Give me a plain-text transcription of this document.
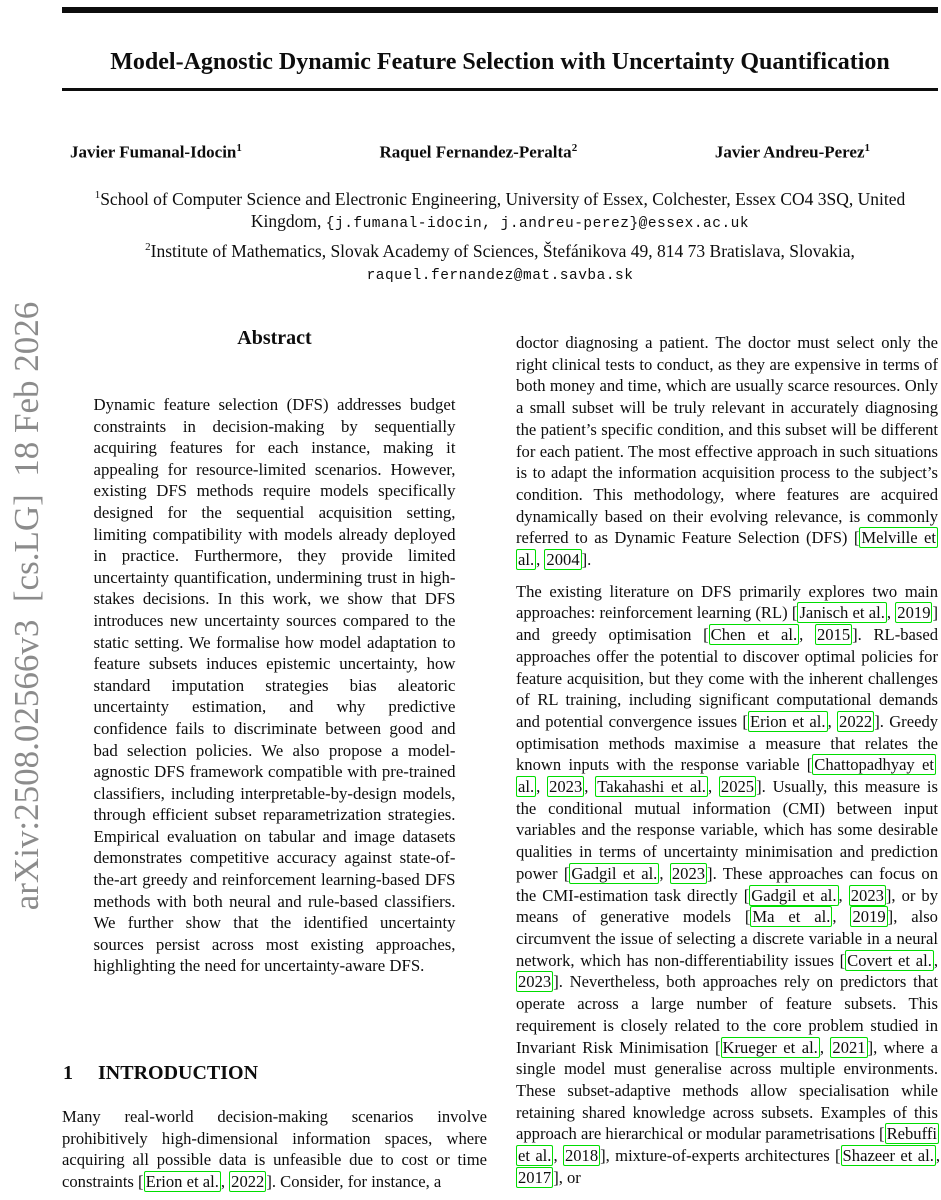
Model-Agnostic Dynamic Feature Selection with Uncertainty Quantification
Javier Fumanal-Idocin$^1$	Raquel Fernandez-Peralta$^2$	Javier Andreu-Perez$^1$
$^1$School of Computer Science and Electronic Engineering, University of Essex, Colchester, Essex CO4 3SQ, United
Kingdom, {j.fumanal-idocin, j.andreu-perez}@essex.ac.uk
$^2$Institute of Mathematics, Slovak Academy of Sciences, Štefánikova 49, 814 73 Bratislava, Slovakia,
raquel.fernandez@mat.savba.sk
arXiv:2508.02566v3  [cs.LG]  18 Feb 2026	Abstract
Dynamic feature selection (DFS) addresses budget constraints in decision-making by sequentially acquiring features for each instance, making it appealing for resource-limited scenarios. However, existing DFS methods require models specifically designed for the sequential acquisition setting, limiting compatibility with models already deployed in practice. Furthermore, they provide limited uncertainty quantification, undermining trust in high-stakes decisions. In this work, we show that DFS introduces new uncertainty sources compared to the static setting. We formalise how model adaptation to feature subsets induces epistemic uncertainty, how standard imputation strategies bias aleatoric uncertainty estimation, and why predictive confidence fails to discriminate between good and bad selection policies. We also propose a model-agnostic DFS framework compatible with pre-trained classifiers, including interpretable-by-design models, through efficient subset reparametrization strategies. Empirical evaluation on tabular and image datasets demonstrates competitive accuracy against state-of-the-art greedy and reinforcement learning-based DFS methods with both neural and rule-based classifiers. We further show that the identified uncertainty sources persist across most existing approaches, highlighting the need for uncertainty-aware DFS.
1 INTRODUCTION
Many real-world decision-making scenarios involve prohibitively high-dimensional information spaces, where acquiring all possible data is unfeasible due to cost or time constraints [ Erion et al. , 2022 ]. Consider, for instance, a

doctor diagnosing a patient. The doctor must select only the right clinical tests to conduct, as they are expensive in terms of both money and time, which are usually scarce resources. Only a small subset will be truly relevant in accurately diagnosing the patient’s specific condition, and this subset will be different for each patient. The most effective approach in such situations is to adapt the information acquisition process to the subject’s condition. This methodology, where features are acquired dynamically based on their evolving relevance, is commonly referred to as Dynamic Feature Selection (DFS) [ Melville et al. , 2004 ].

The existing literature on DFS primarily explores two main approaches: reinforcement learning (RL) [ Janisch et al. , 2019 ] and greedy optimisation [ Chen et al. , 2015 ]. RL-based approaches offer the potential to discover optimal policies for feature acquisition, but they come with the inherent challenges of RL training, including significant computational demands and potential convergence issues [ Erion et al. , 2022 ]. Greedy optimisation methods maximise a measure that relates the known inputs with the response variable [ Chattopadhyay et al. , 2023 , Takahashi et al. , 2025 ]. Usually, this measure is the conditional mutual information (CMI) between input variables and the response variable, which has some desirable qualities in terms of uncertainty minimisation and prediction power [ Gadgil et al. , 2023 ]. These approaches can focus on the CMI-estimation task directly [ Gadgil et al. , 2023 ], or by means of generative models [ Ma et al. , 2019 ], also circumvent the issue of selecting a discrete variable in a neural network, which has non-differentiability issues [ Covert et al. , 2023 ]. Nevertheless, both approaches rely on predictors that operate across a large number of feature subsets. This requirement is closely related to the core problem studied in Invariant Risk Minimisation [ Krueger et al. , 2021 ], where a single model must generalise across multiple environments. These subset-adaptive methods allow specialisation while retaining shared knowledge across subsets. Examples of this approach are hierarchical or modular parametrisations [ Rebuffi et al. , 2018 ], mixture-of-experts architectures [ Shazeer et al. , 2017 ], or
